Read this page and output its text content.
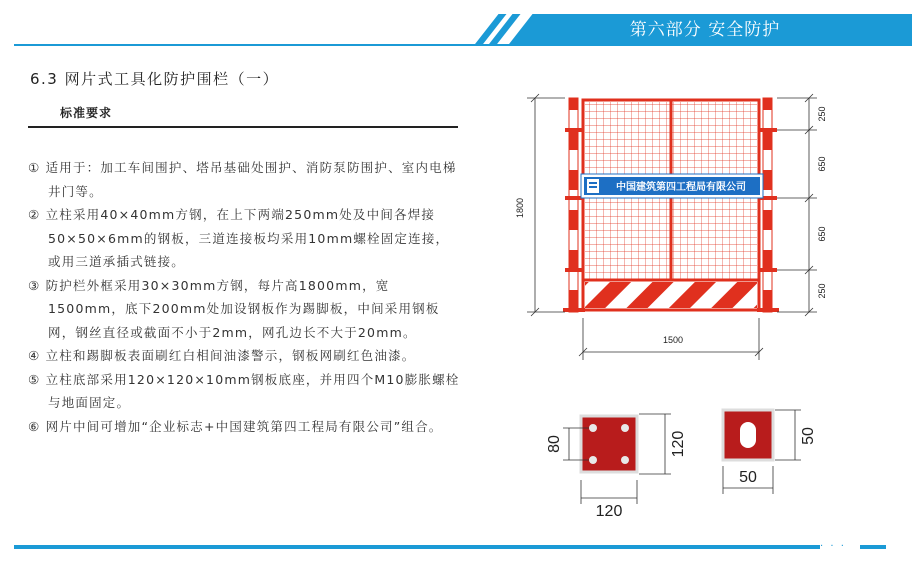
第六部分 安全防护
6.3 网片式工具化防护围栏（一）
标准要求
① 适用于：加工车间围护、塔吊基础处围护、消防泵防围护、室内电梯井门等。
② 立柱采用40×40mm方钢，在上下两端250mm处及中间各焊接50×50×6mm的钢板，三道连接板均采用10mm螺栓固定连接，或用三道承插式链接。
③ 防护栏外框采用30×30mm方钢，每片高1800mm，宽1500mm，底下200mm处加设钢板作为踢脚板，中间采用钢板网，钢丝直径或截面不小于2mm，网孔边长不大于20mm。
④ 立柱和踢脚板表面刷红白相间油漆警示，钢板网刷红色油漆。
⑤ 立柱底部采用120×120×10mm钢板底座，并用四个M10膨胀螺栓与地面固定。
⑥ 网片中间可增加“企业标志+中国建筑第四工程局有限公司”组合。
中国建筑第四工程局有限公司
1800
250
650
650
250
1500
80	120
120
50
50
· · ·
